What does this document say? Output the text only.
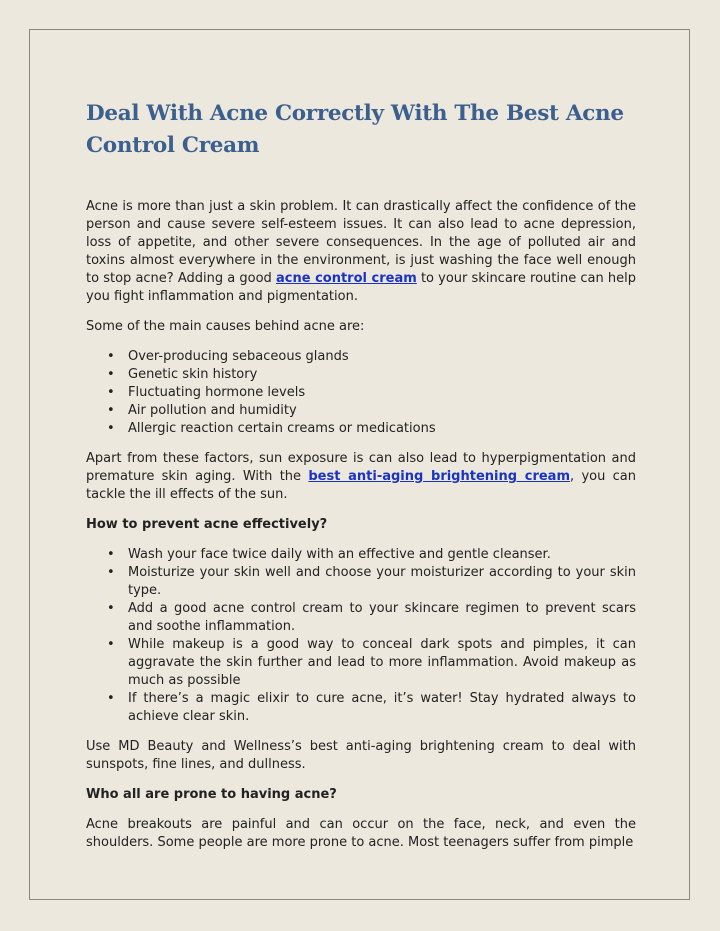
Deal With Acne Correctly With The Best Acne Control Cream

Acne is more than just a skin problem. It can drastically affect the confidence of the person and cause severe self-esteem issues. It can also lead to acne depression, loss of appetite, and other severe consequences. In the age of polluted air and toxins almost everywhere in the environment, is just washing the face well enough to stop acne? Adding a good acne control cream to your skincare routine can help you fight inflammation and pigmentation.

Some of the main causes behind acne are:

• Over-producing sebaceous glands
• Genetic skin history
• Fluctuating hormone levels
• Air pollution and humidity
• Allergic reaction certain creams or medications

Apart from these factors, sun exposure is can also lead to hyperpigmentation and premature skin aging. With the best anti-aging brightening cream, you can tackle the ill effects of the sun.

How to prevent acne effectively?

• Wash your face twice daily with an effective and gentle cleanser.
• Moisturize your skin well and choose your moisturizer according to your skin type.
• Add a good acne control cream to your skincare regimen to prevent scars and soothe inflammation.
• While makeup is a good way to conceal dark spots and pimples, it can aggravate the skin further and lead to more inflammation. Avoid makeup as much as possible
• If there’s a magic elixir to cure acne, it’s water! Stay hydrated always to achieve clear skin.

Use MD Beauty and Wellness’s best anti-aging brightening cream to deal with sunspots, fine lines, and dullness.

Who all are prone to having acne?

Acne breakouts are painful and can occur on the face, neck, and even the shoulders. Some people are more prone to acne. Most teenagers suffer from pimple
